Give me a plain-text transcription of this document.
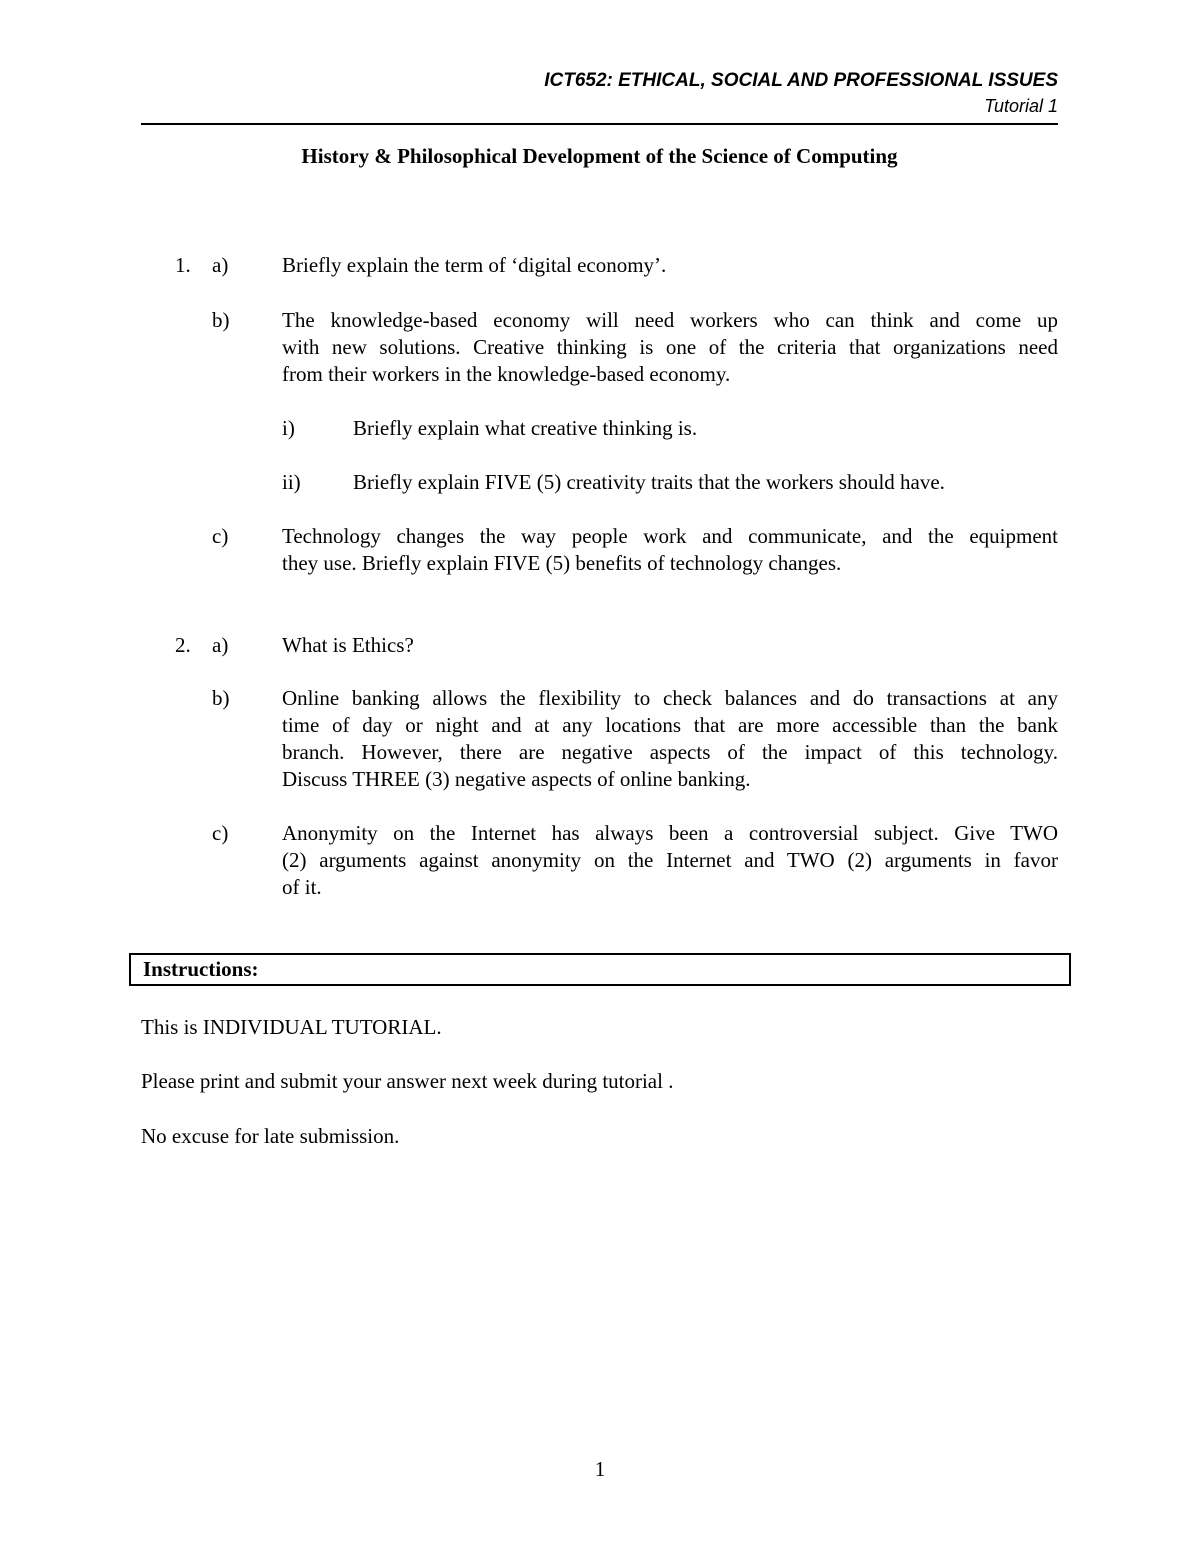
ICT652: ETHICAL, SOCIAL AND PROFESSIONAL ISSUES
Tutorial 1
History & Philosophical Development of the Science of Computing
1. a)	Briefly explain the term of ‘digital economy’.
b)	The knowledge-based economy will need workers who can think and come up
with new solutions. Creative thinking is one of the criteria that organizations need
from their workers in the knowledge-based economy.
i)	Briefly explain what creative thinking is.
ii) Briefly explain FIVE (5) creativity traits that the workers should have.
c)	Technology changes the way people work and communicate, and the equipment
they use. Briefly explain FIVE (5) benefits of technology changes.
2. a)	What is Ethics?
b)	Online banking allows the flexibility to check balances and do transactions at any
time of day or night and at any locations that are more accessible than the bank
branch. However, there are negative aspects of the impact of this technology.
Discuss THREE (3) negative aspects of online banking.
c)	Anonymity on the Internet has always been a controversial subject. Give TWO
(2) arguments against anonymity on the Internet and TWO (2) arguments in favor
of it.
Instructions:
This is INDIVIDUAL TUTORIAL.
Please print and submit your answer next week during tutorial .
No excuse for late submission.
1
